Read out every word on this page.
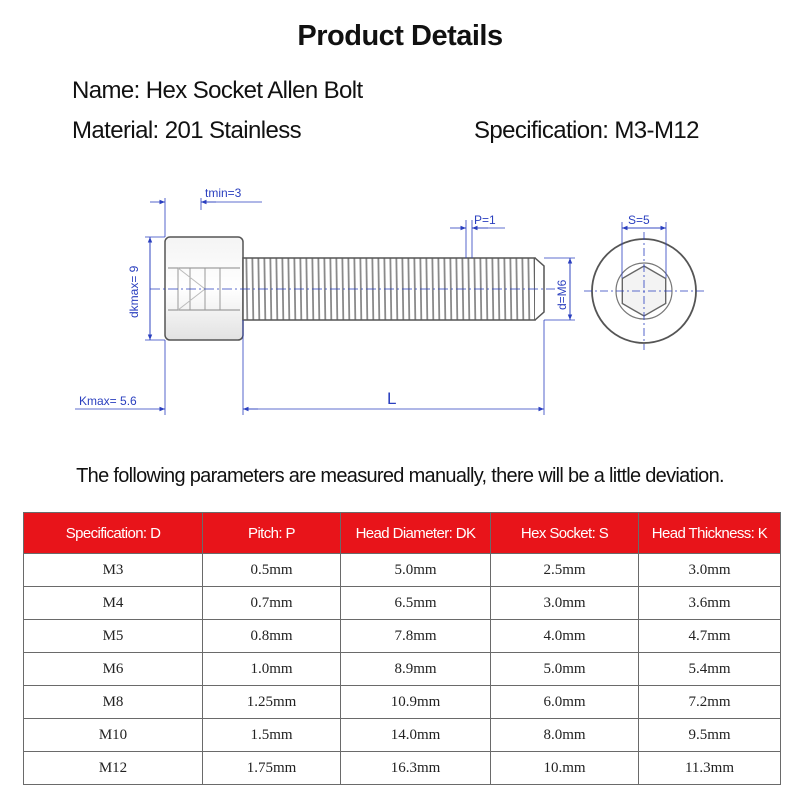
Product Details
Name: Hex Socket Allen Bolt
Material: 201 Stainless	Specification: M3-M12
tmin=3
P=1	S=5
dkmax= 9	d=M6
Kmax= 5.6	L
The following parameters are measured manually, there will be a little deviation.
Specification: D	Pitch: P	Head Diameter: DK	Hex Socket: S	Head Thickness: K
M3	0.5mm	5.0mm	2.5mm	3.0mm
M4	0.7mm	6.5mm	3.0mm	3.6mm
M5	0.8mm	7.8mm	4.0mm	4.7mm
M6	1.0mm	8.9mm	5.0mm	5.4mm
M8	1.25mm	10.9mm	6.0mm	7.2mm
M10	1.5mm	14.0mm	8.0mm	9.5mm
M12	1.75mm	16.3mm	10.mm	11.3mm
